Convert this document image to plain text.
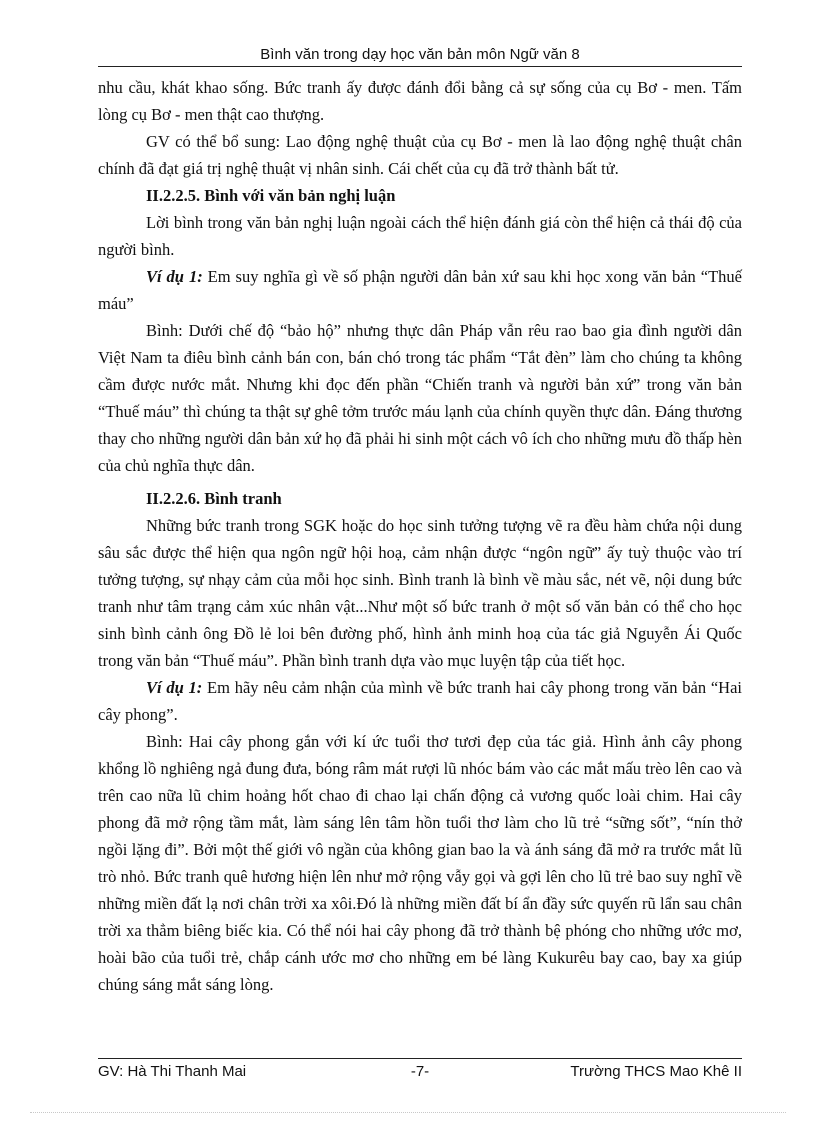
Bình văn trong dạy học văn bản môn Ngữ văn 8

nhu cầu, khát khao sống. Bức tranh ấy được đánh đổi bằng cả sự sống của cụ Bơ - men. Tấm lòng cụ Bơ - men thật cao thượng.

GV có thể bổ sung: Lao động nghệ thuật của cụ Bơ - men là lao động nghệ thuật chân chính đã đạt giá trị nghệ thuật vị nhân sinh. Cái chết của cụ đã trở thành bất tử.

II.2.2.5. Bình với văn bản nghị luận

Lời bình trong văn bản nghị luận ngoài cách thể hiện đánh giá còn thể hiện cả thái độ của người bình.

Ví dụ 1: Em suy nghĩa gì về số phận người dân bản xứ sau khi học xong văn bản “Thuế máu”

Bình: Dưới chế độ “bảo hộ” nhưng thực dân Pháp vẫn rêu rao bao gia đình người dân Việt Nam ta điêu bình cảnh bán con, bán chó trong tác phẩm “Tắt đèn” làm cho chúng ta không cầm được nước mắt. Nhưng khi đọc đến phần “Chiến tranh và người bản xứ” trong văn bản “Thuế máu” thì chúng ta thật sự ghê tởm trước máu lạnh của chính quyền thực dân. Đáng thương thay cho những người dân bản xứ họ đã phải hi sinh một cách vô ích cho những mưu đồ thấp hèn của chủ nghĩa thực dân.

II.2.2.6. Bình tranh

Những bức tranh trong SGK hoặc do học sinh tưởng tượng vẽ ra đều hàm chứa nội dung sâu sắc được thể hiện qua ngôn ngữ hội hoạ, cảm nhận được “ngôn ngữ” ấy tuỳ thuộc vào trí tưởng tượng, sự nhạy cảm của mỗi học sinh. Bình tranh là bình về màu sắc, nét vẽ, nội dung bức tranh như tâm trạng cảm xúc nhân vật...Như một số bức tranh ở một số văn bản có thể cho học sinh bình cảnh ông Đồ lẻ loi bên đường phố, hình ảnh minh hoạ của tác giả Nguyễn Ái Quốc trong văn bản “Thuế máu”. Phần bình tranh dựa vào mục luyện tập của tiết học.

Ví dụ 1: Em hãy nêu cảm nhận của mình về bức tranh hai cây phong trong văn bản “Hai cây phong”.

Bình: Hai cây phong gắn với kí ức tuổi thơ tươi đẹp của tác giả. Hình ảnh cây phong khổng lồ nghiêng ngả đung đưa, bóng râm mát rượi lũ nhóc bám vào các mắt mấu trèo lên cao và trên cao nữa lũ chim hoảng hốt chao đi chao lại chấn động cả vương quốc loài chim. Hai cây phong đã mở rộng tầm mắt, làm sáng lên tâm hồn tuổi thơ làm cho lũ trẻ “sững sốt”, “nín thở ngồi lặng đi”. Bởi một thế giới vô ngần của không gian bao la và ánh sáng đã mở ra trước mắt lũ trò nhỏ. Bức tranh quê hương hiện lên như mở rộng vẫy gọi và gợi lên cho lũ trẻ bao suy nghĩ về những miền đất lạ nơi chân trời xa xôi.Đó là những miền đất bí ẩn đầy sức quyến rũ lẩn sau chân trời xa thẳm biêng biếc kia. Có thể nói hai cây phong đã trở thành bệ phóng cho những ước mơ, hoài bão của tuổi trẻ, chắp cánh ước mơ cho những em bé làng Kukurêu bay cao, bay xa giúp chúng sáng mắt sáng lòng.

GV: Hà Thi Thanh Mai	-7-	Trường THCS Mao Khê II
